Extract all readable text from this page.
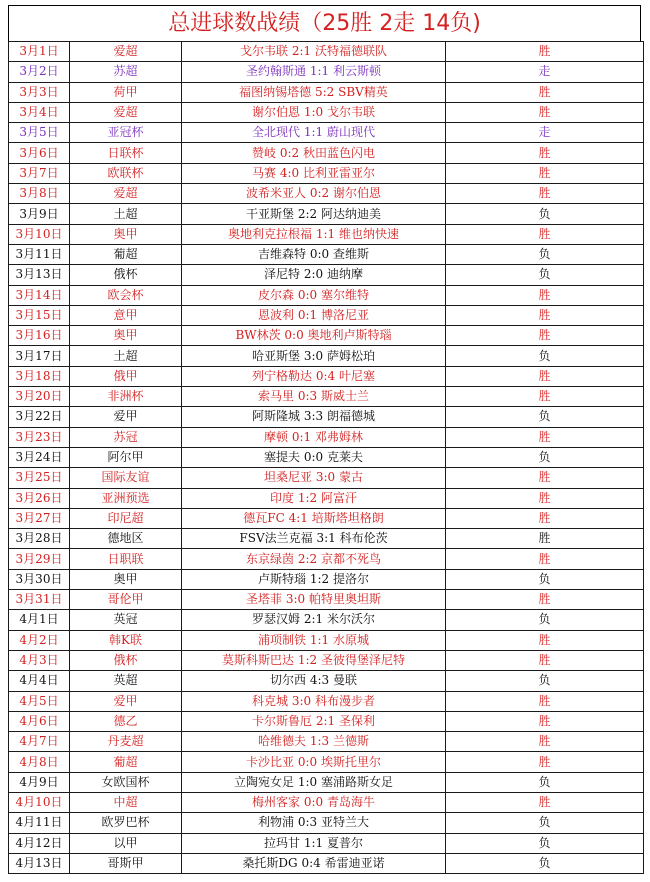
总进球数战绩（25胜 2走 14负)
3月1日	爱超	戈尔韦联 2:1 沃特福德联队	胜
3月2日	苏超	圣约翰斯通 1:1 利云斯顿	走
3月3日	荷甲	福图纳锡塔德 5:2 SBV精英	胜
3月4日	爱超	谢尔伯恩 1:0 戈尔韦联	胜
3月5日	亚冠杯	全北现代 1:1 蔚山现代	走
3月6日	日联杯	赞岐 0:2 秋田蓝色闪电	胜
3月7日	欧联杯	马赛 4:0 比利亚雷亚尔	胜
3月8日	爱超	波希米亚人 0:2 谢尔伯恩	胜
3月9日	土超	干亚斯堡 2:2 阿达纳迪美	负
3月10日	奥甲	奥地利克拉根福 1:1 维也纳快速	胜
3月11日	葡超	吉维森特 0:0 查维斯	负
3月13日	俄杯	泽尼特 2:0 迪纳摩	负
3月14日	欧会杯	皮尔森 0:0 塞尔维特	胜
3月15日	意甲	恩波利 0:1 博洛尼亚	胜
3月16日	奥甲	BW林茨 0:0 奥地利卢斯特瑙	胜
3月17日	土超	哈亚斯堡 3:0 萨姆松珀	负
3月18日	俄甲	列宁格勒达 0:4 叶尼塞	胜
3月20日	非洲杯	索马里 0:3 斯威士兰	胜
3月22日	爱甲	阿斯隆城 3:3 朗福德城	负
3月23日	苏冠	摩顿 0:1 邓弗姆林	胜
3月24日	阿尔甲	塞提夫 0:0 克莱夫	负
3月25日	国际友谊	坦桑尼亚 3:0 蒙古	胜
3月26日	亚洲预选	印度 1:2 阿富汗	胜
3月27日	印尼超	德瓦FC 4:1 培斯塔坦格朗	胜
3月28日	德地区	FSV法兰克福 3:1 科布伦茨	胜
3月29日	日职联	东京绿茵 2:2 京都不死鸟	胜
3月30日	奥甲	卢斯特瑙 1:2 提洛尔	负
3月31日	哥伦甲	圣塔菲 3:0 帕特里奥坦斯	胜
4月1日	英冠	罗瑟汉姆 2:1 米尔沃尔	负
4月2日	韩K联	浦项制铁 1:1 水原城	胜
4月3日	俄杯	莫斯科斯巴达 1:2 圣彼得堡泽尼特	胜
4月4日	英超	切尔西 4:3 曼联	负
4月5日	爱甲	科克城 3:0 科布漫步者	胜
4月6日	德乙	卡尔斯鲁厄 2:1 圣保利	胜
4月7日	丹麦超	哈维德夫 1:3 兰德斯	胜
4月8日	葡超	卡沙比亚 0:0 埃斯托里尔	胜
4月9日	女欧国杯	立陶宛女足 1:0 塞浦路斯女足	负
4月10日	中超	梅州客家 0:0 青岛海牛	胜
4月11日	欧罗巴杯	利物浦 0:3 亚特兰大	负
4月12日	以甲	拉玛甘 1:1 夏普尔	负
4月13日	哥斯甲	桑托斯DG 0:4 希雷迪亚诺	负
